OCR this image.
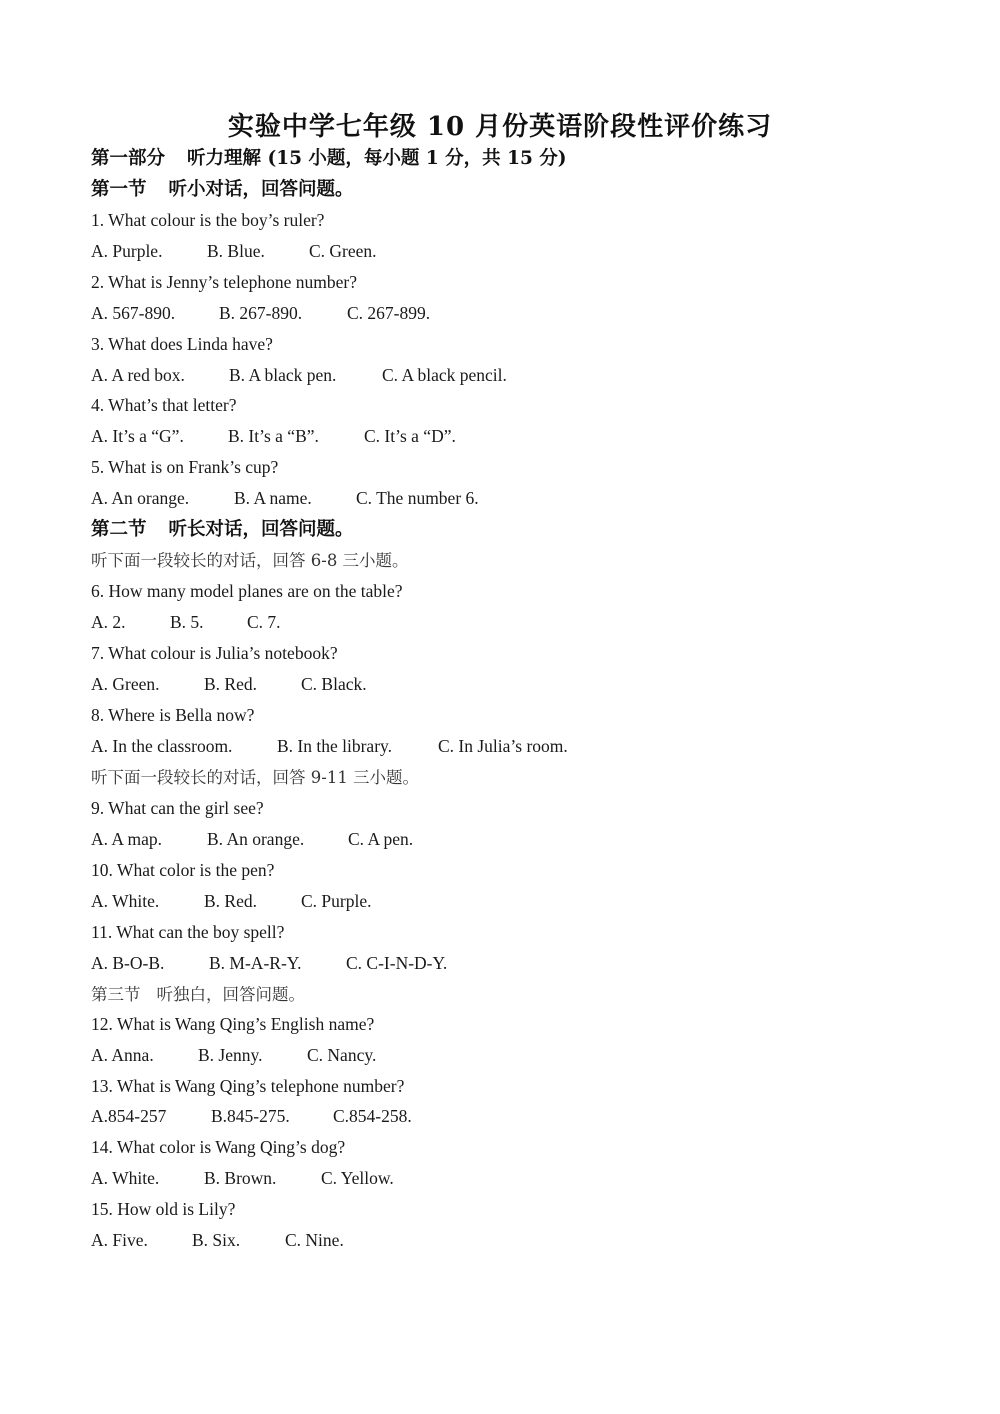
实验中学七年级 10 月份英语阶段性评价练习
第一部分 听力理解 (15 小题，每小题 1 分，共 15 分)
第一节 听小对话，回答问题。
1. What colour is the boy’s ruler?
A. Purple.	B. Blue.	C. Green.
2. What is Jenny’s telephone number?
A. 567-890.	B. 267-890.	C. 267-899.
3. What does Linda have?
A. A red box.	B. A black pen.	C. A black pencil.
4. What’s that letter?
A. It’s a “G”.	B. It’s a “B”.	C. It’s a “D”.
5. What is on Frank’s cup?
A. An orange.	B. A name.	C. The number 6.
第二节 听长对话，回答问题。
听下面一段较长的对话，回答 6-8 三小题。
6. How many model planes are on the table?
A. 2.	B. 5. C. 7.
7. What colour is Julia’s notebook?
A. Green.	B. Red.	C. Black.
8. Where is Bella now?
A. In the classroom.	B. In the library.	C. In Julia’s room.
听下面一段较长的对话，回答 9-11 三小题。
9. What can the girl see?
A. A map.	B. An orange.	C. A pen.
10. What color is the pen?
A. White.	B. Red.	C. Purple.
11. What can the boy spell?
A. B-O-B.	B. M-A-R-Y.	C. C-I-N-D-Y.
第三节 听独白，回答问题。
12. What is Wang Qing’s English name?
A. Anna.	B. Jenny.	C. Nancy.
13. What is Wang Qing’s telephone number?
A.854-257	B.845-275. C.854-258.
14. What color is Wang Qing’s dog?
A. White.	B. Brown.	C. Yellow.
15. How old is Lily?
A. Five.	B. Six.	C. Nine.
